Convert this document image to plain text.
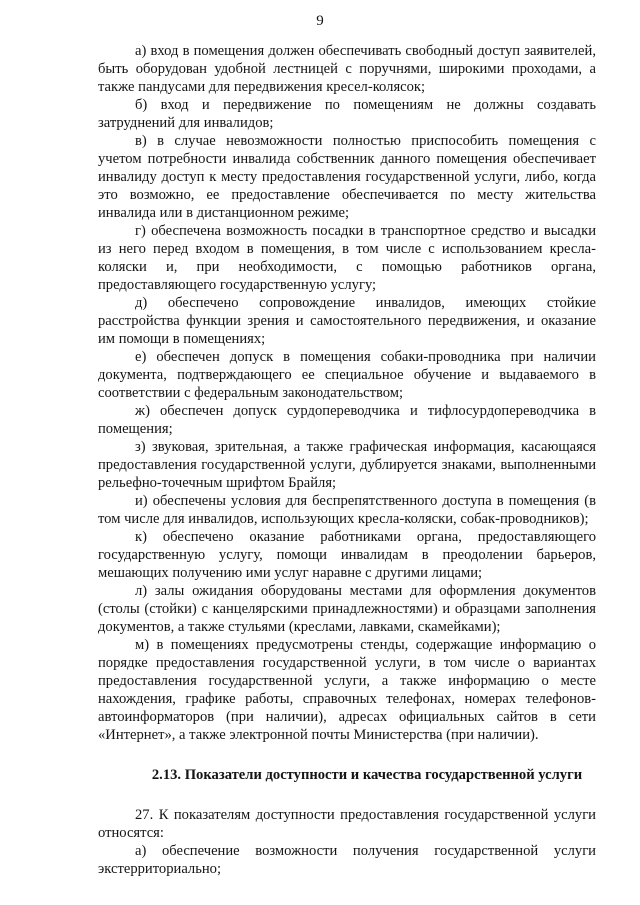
9

а) вход в помещения должен обеспечивать свободный доступ заявителей, быть оборудован удобной лестницей с поручнями, широкими проходами, а также пандусами для передвижения кресел-колясок;

б) вход и передвижение по помещениям не должны создавать затруднений для инвалидов;

в) в случае невозможности полностью приспособить помещения с учетом потребности инвалида собственник данного помещения обеспечивает инвалиду доступ к месту предоставления государственной услуги, либо, когда это возможно, ее предоставление обеспечивается по месту жительства инвалида или в дистанционном режиме;

г) обеспечена возможность посадки в транспортное средство и высадки из него перед входом в помещения, в том числе с использованием кресла-коляски и, при необходимости, с помощью работников органа, предоставляющего государственную услугу;

д) обеспечено сопровождение инвалидов, имеющих стойкие расстройства функции зрения и самостоятельного передвижения, и оказание им помощи в помещениях;

е) обеспечен допуск в помещения собаки-проводника при наличии документа, подтверждающего ее специальное обучение и выдаваемого в соответствии с федеральным законодательством;

ж) обеспечен допуск сурдопереводчика и тифлосурдопереводчика в помещения;

з) звуковая, зрительная, а также графическая информация, касающаяся предоставления государственной услуги, дублируется знаками, выполненными рельефно-точечным шрифтом Брайля;

и) обеспечены условия для беспрепятственного доступа в помещения (в том числе для инвалидов, использующих кресла-коляски, собак-проводников);

к) обеспечено оказание работниками органа, предоставляющего государственную услугу, помощи инвалидам в преодолении барьеров, мешающих получению ими услуг наравне с другими лицами;

л) залы ожидания оборудованы местами для оформления документов (столы (стойки) с канцелярскими принадлежностями) и образцами заполнения документов, а также стульями (креслами, лавками, скамейками);

м) в помещениях предусмотрены стенды, содержащие информацию о порядке предоставления государственной услуги, в том числе о вариантах предоставления государственной услуги, а также информацию о месте нахождения, графике работы, справочных телефонах, номерах телефонов-автоинформаторов (при наличии), адресах официальных сайтов в сети «Интернет», а также электронной почты Министерства (при наличии).

2.13. Показатели доступности и качества государственной услуги

27. К показателям доступности предоставления государственной услуги относятся:

а) обеспечение возможности получения государственной услуги экстерриториально;
